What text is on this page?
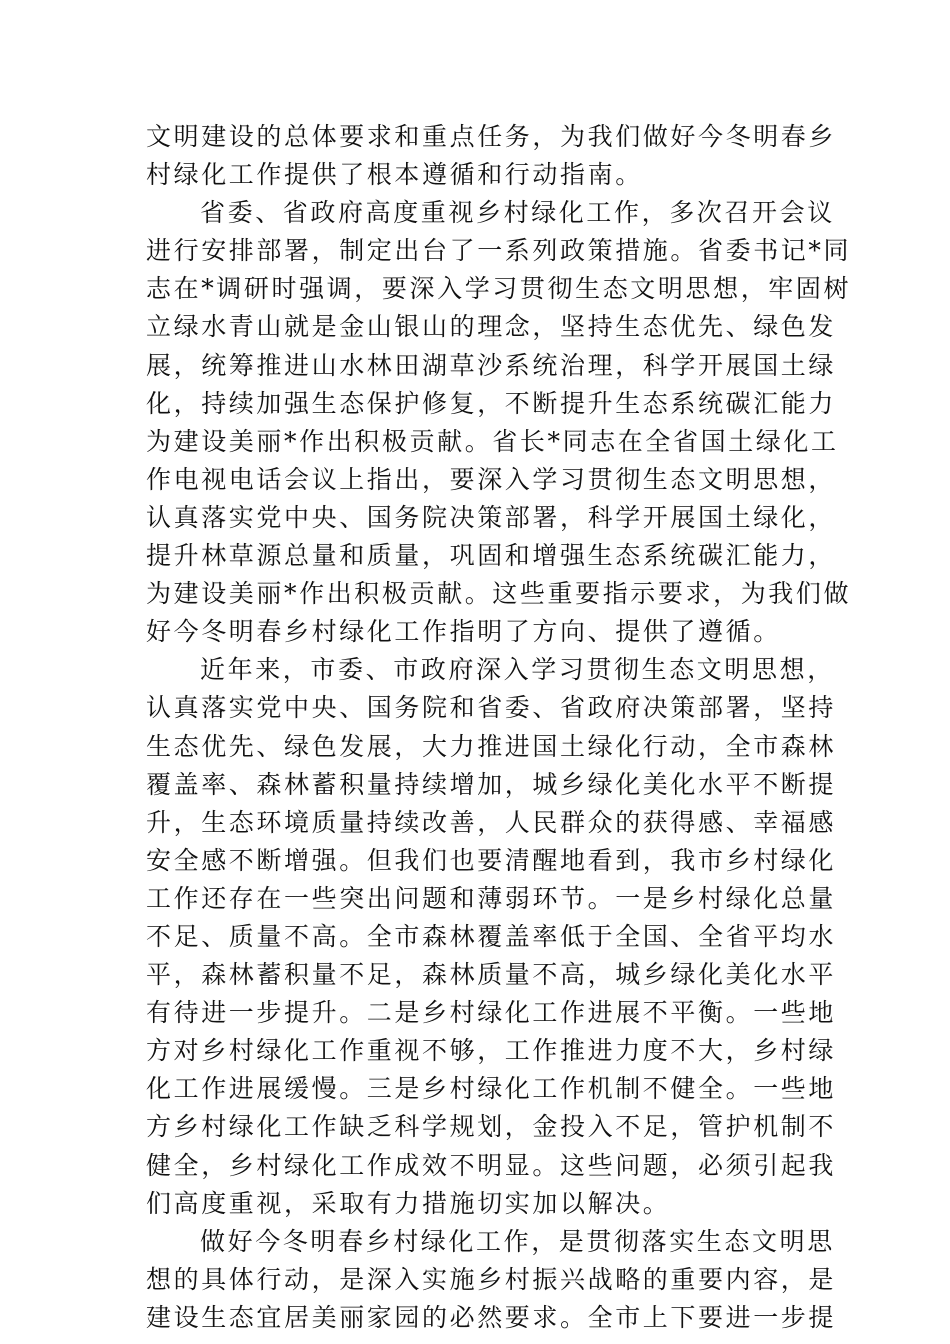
文明建设的总体要求和重点任务，为我们做好今冬明春乡
村绿化工作提供了根本遵循和行动指南。

省委、省政府高度重视乡村绿化工作，多次召开会议
进行安排部署，制定出台了一系列政策措施。省委书记*同
志在*调研时强调，要深入学习贯彻生态文明思想，牢固树
立绿水青山就是金山银山的理念，坚持生态优先、绿色发
展，统筹推进山水林田湖草沙系统治理，科学开展国土绿
化，持续加强生态保护修复，不断提升生态系统碳汇能力
为建设美丽*作出积极贡献。省长*同志在全省国土绿化工
作电视电话会议上指出，要深入学习贯彻生态文明思想，
认真落实党中央、国务院决策部署，科学开展国土绿化，
提升林草源总量和质量，巩固和增强生态系统碳汇能力，
为建设美丽*作出积极贡献。这些重要指示要求，为我们做
好今冬明春乡村绿化工作指明了方向、提供了遵循。

近年来，市委、市政府深入学习贯彻生态文明思想，
认真落实党中央、国务院和省委、省政府决策部署，坚持
生态优先、绿色发展，大力推进国土绿化行动，全市森林
覆盖率、森林蓄积量持续增加，城乡绿化美化水平不断提
升，生态环境质量持续改善，人民群众的获得感、幸福感
安全感不断增强。但我们也要清醒地看到，我市乡村绿化
工作还存在一些突出问题和薄弱环节。一是乡村绿化总量
不足、质量不高。全市森林覆盖率低于全国、全省平均水
平，森林蓄积量不足，森林质量不高，城乡绿化美化水平
有待进一步提升。二是乡村绿化工作进展不平衡。一些地
方对乡村绿化工作重视不够，工作推进力度不大，乡村绿
化工作进展缓慢。三是乡村绿化工作机制不健全。一些地
方乡村绿化工作缺乏科学规划，金投入不足，管护机制不
健全，乡村绿化工作成效不明显。这些问题，必须引起我
们高度重视，采取有力措施切实加以解决。

做好今冬明春乡村绿化工作，是贯彻落实生态文明思
想的具体行动，是深入实施乡村振兴战略的重要内容，是
建设生态宜居美丽家园的必然要求。全市上下要进一步提
